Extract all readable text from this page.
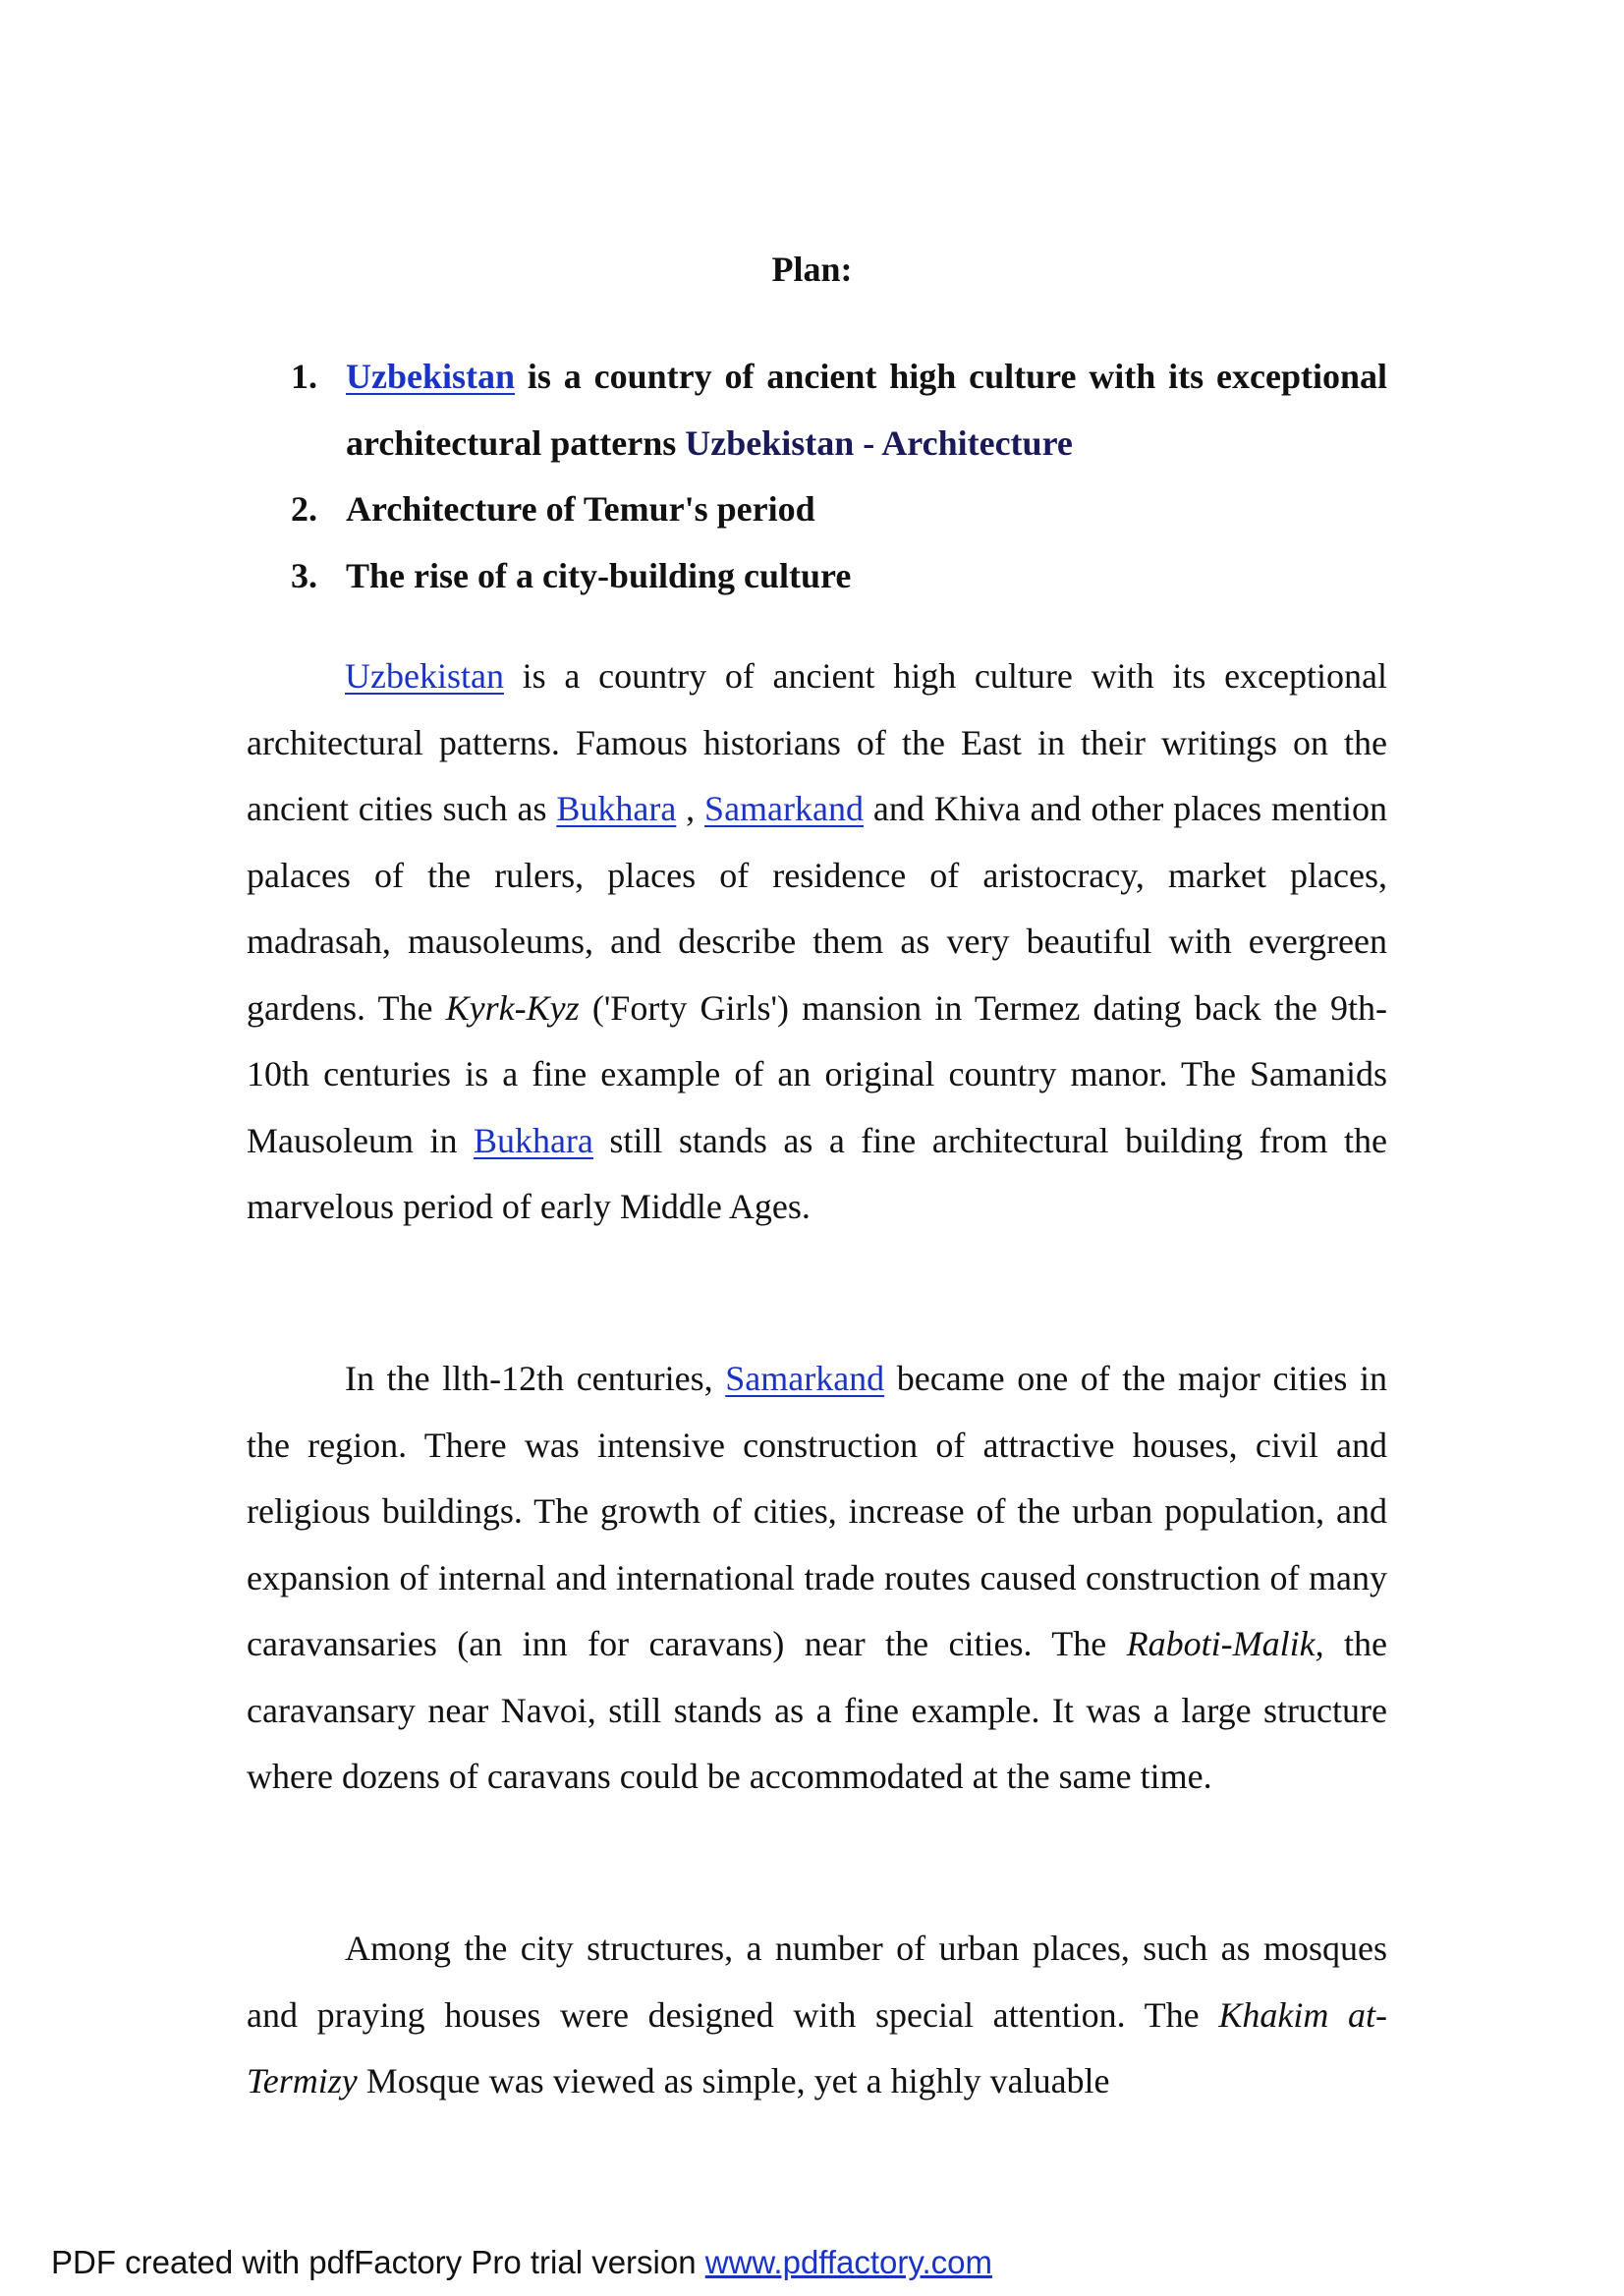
Plan:
1. Uzbekistan is a country of ancient high culture with its exceptional architectural patterns Uzbekistan - Architecture
2. Architecture of Temur's period
3. The rise of a city-building culture

Uzbekistan is a country of ancient high culture with its exceptional architectural patterns. Famous historians of the East in their writings on the ancient cities such as Bukhara , Samarkand and Khiva and other places mention palaces of the rulers, places of residence of aristocracy, market places, madrasah, mausoleums, and describe them as very beautiful with evergreen gardens. The Kyrk-Kyz ('Forty Girls') mansion in Termez dating back the 9th- 10th centuries is a fine example of an original country manor. The Samanids Mausoleum in Bukhara still stands as a fine architectural building from the marvelous period of early Middle Ages.

In the llth-12th centuries, Samarkand became one of the major cities in the region. There was intensive construction of attractive houses, civil and religious buildings. The growth of cities, increase of the urban population, and expansion of internal and international trade routes caused construction of many caravansaries (an inn for caravans) near the cities. The Raboti-Malik, the caravansary near Navoi, still stands as a fine example. It was a large structure where dozens of caravans could be accommodated at the same time.

Among the city structures, a number of urban places, such as mosques and praying houses were designed with special attention. The Khakim at-Termizy Mosque was viewed as simple, yet a highly valuable

PDF created with pdfFactory Pro trial version www.pdffactory.com
